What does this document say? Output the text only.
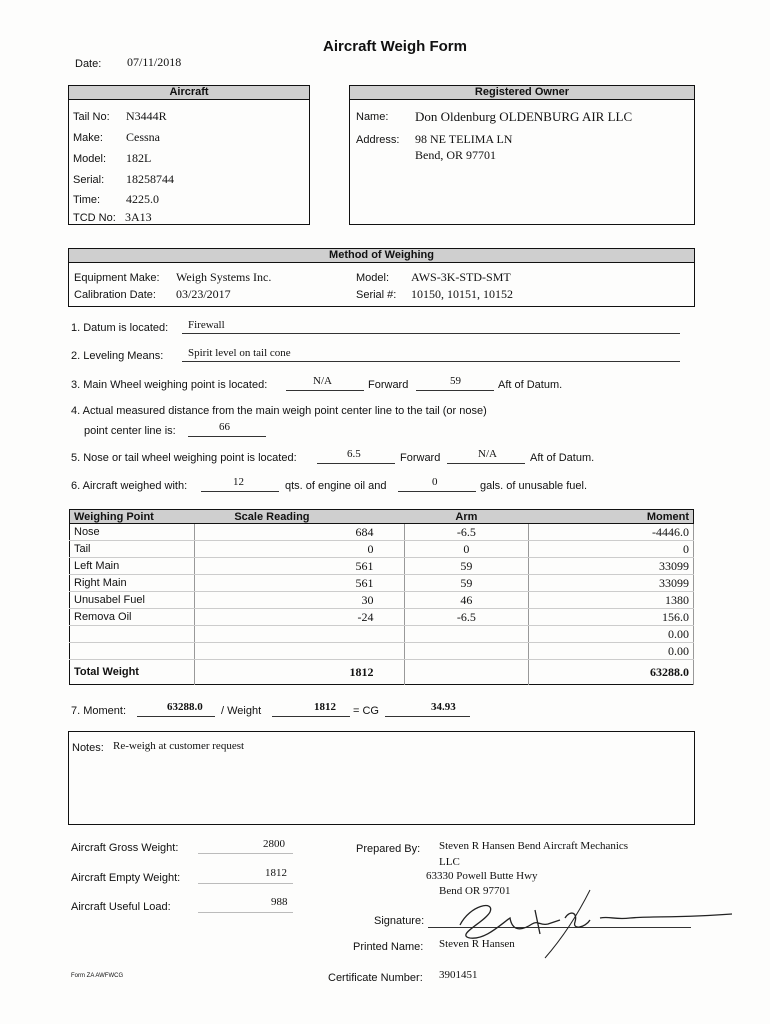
Aircraft Weigh Form
Date: 07/11/2018
Aircraft
Tail No: N3444R
Make: Cessna
Model: 182L
Serial: 18258744
Time: 4225.0
TCD No: 3A13
Registered Owner
Name: Don Oldenburg OLDENBURG AIR LLC
Address: 98 NE TELIMA LN
Bend, OR 97701
Method of Weighing
Equipment Make: Weigh Systems Inc.
Calibration Date: 03/23/2017
Model: AWS-3K-STD-SMT
Serial #: 10150, 10151, 10152
1. Datum is located: Firewall
2. Leveling Means: Spirit level on tail cone
3. Main Wheel weighing point is located:	N/A	Forward	59	Aft of Datum.
4. Actual measured distance from the main weigh point center line to the tail (or nose)
point center line is:	66
5. Nose or tail wheel weighing point is located:	6.5	Forward	N/A	Aft of Datum.
6. Aircraft weighed with:	12	qts. of engine oil and	0	gals. of unusable fuel.
Weighing Point	Scale Reading	Arm	Moment
Nose	684	-6.5	-4446.0
Tail	0	0	0
Left Main	561	59	33099
Right Main	561	59	33099
Unusabel Fuel	30	46	1380
Remova Oil	-24	-6.5	156.0
			0.00
			0.00
Total Weight	1812		63288.0
7. Moment:	63288.0 / Weight	1812 = CG	34.93
Notes: Re-weigh at customer request
Aircraft Gross Weight:	2800
Aircraft Empty Weight:	1812
Aircraft Useful Load:	988
Prepared By: Steven R Hansen Bend Aircraft Mechanics
LLC
63330 Powell Butte Hwy
Bend OR 97701
Signature:
Printed Name: Steven R Hansen
Certificate Number: 3901451
Form ZA AWFWCG
